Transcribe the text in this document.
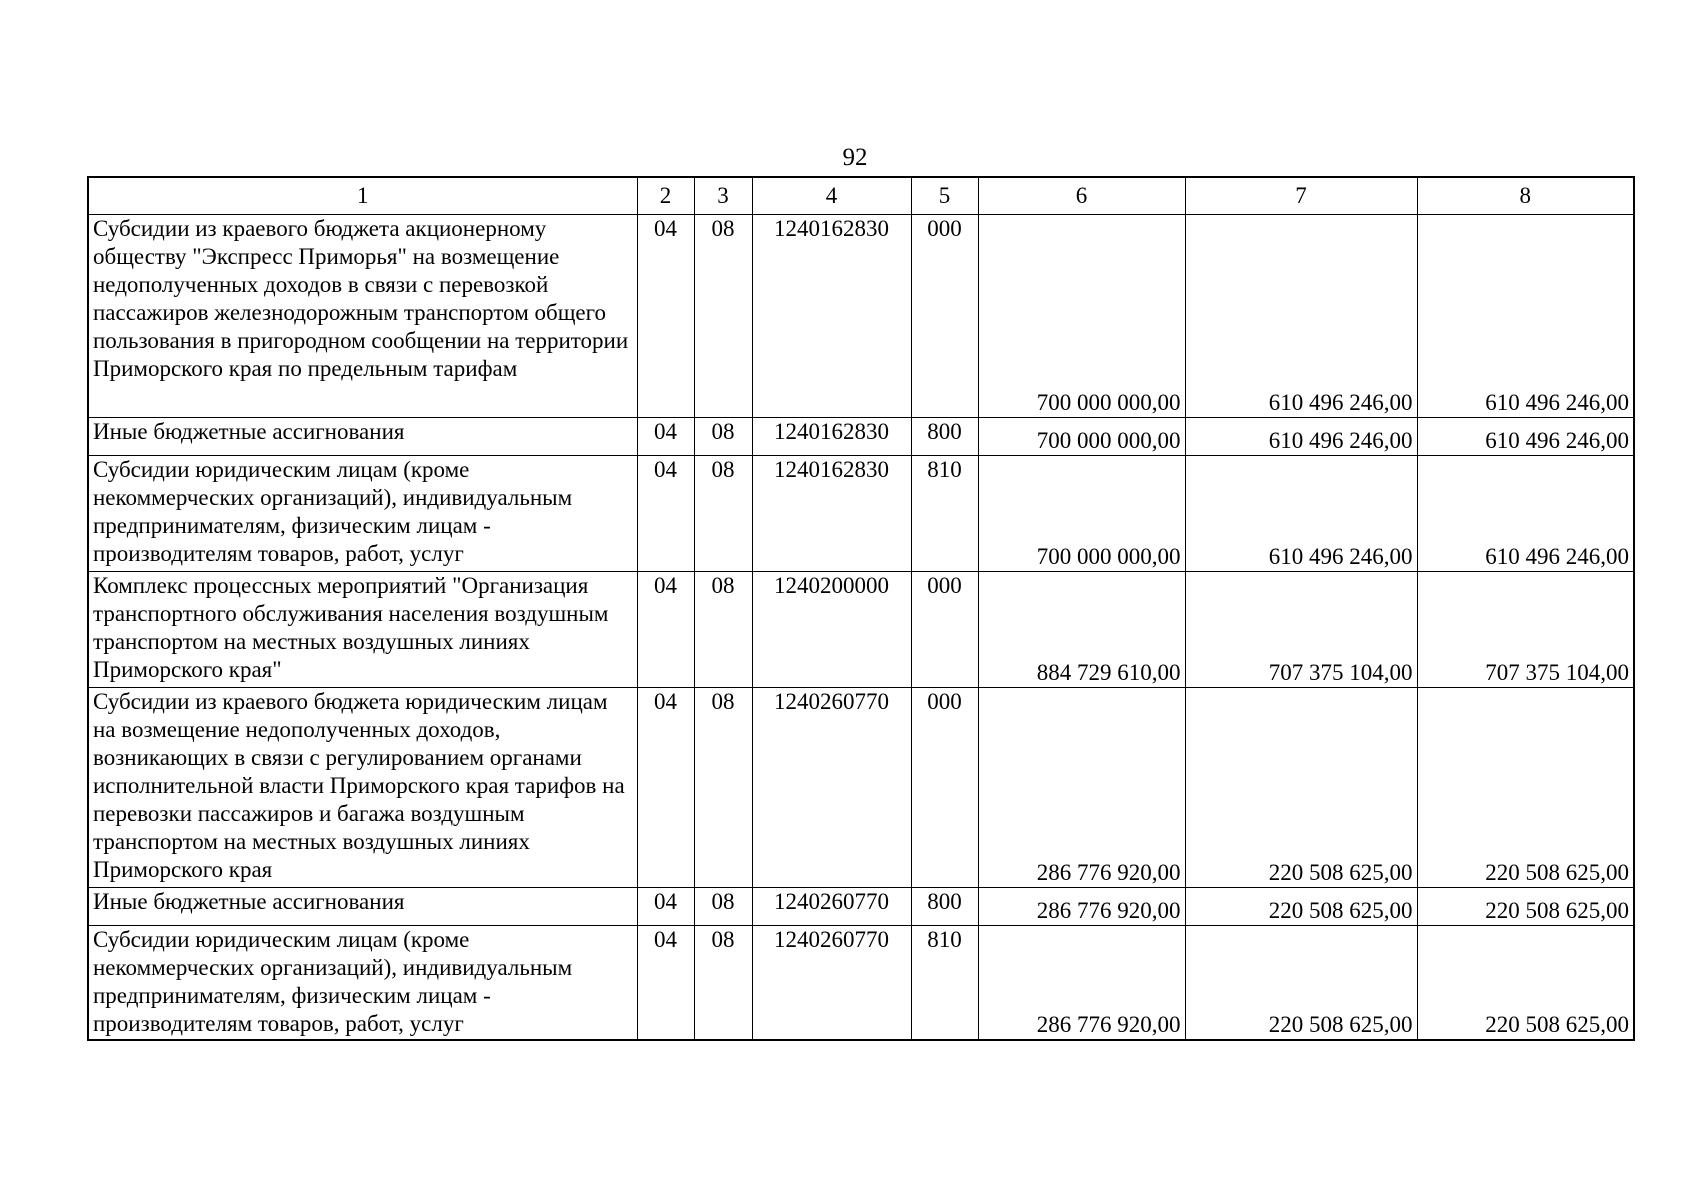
92
1	2	3	4	5	6	7	8
Субсидии из краевого бюджета акционерному обществу "Экспресс Приморья" на возмещение недополученных доходов в связи с перевозкой пассажиров железнодорожным транспортом общего пользования в пригородном сообщении на территории Приморского края по предельным тарифам	04	08	1240162830	000	700 000 000,00	610 496 246,00	610 496 246,00
Иные бюджетные ассигнования	04	08	1240162830	800	700 000 000,00	610 496 246,00	610 496 246,00
Субсидии юридическим лицам (кроме некоммерческих организаций), индивидуальным предпринимателям, физическим лицам - производителям товаров, работ, услуг	04	08	1240162830	810	700 000 000,00	610 496 246,00	610 496 246,00
Комплекс процессных мероприятий "Организация транспортного обслуживания населения воздушным транспортом на местных воздушных линиях Приморского края"	04	08	1240200000	000	884 729 610,00	707 375 104,00	707 375 104,00
Субсидии из краевого бюджета юридическим лицам на возмещение недополученных доходов, возникающих в связи с регулированием органами исполнительной власти Приморского края тарифов на перевозки пассажиров и багажа воздушным транспортом на местных воздушных линиях Приморского края	04	08	1240260770	000	286 776 920,00	220 508 625,00	220 508 625,00
Иные бюджетные ассигнования	04	08	1240260770	800	286 776 920,00	220 508 625,00	220 508 625,00
Субсидии юридическим лицам (кроме некоммерческих организаций), индивидуальным предпринимателям, физическим лицам - производителям товаров, работ, услуг	04	08	1240260770	810	286 776 920,00	220 508 625,00	220 508 625,00
